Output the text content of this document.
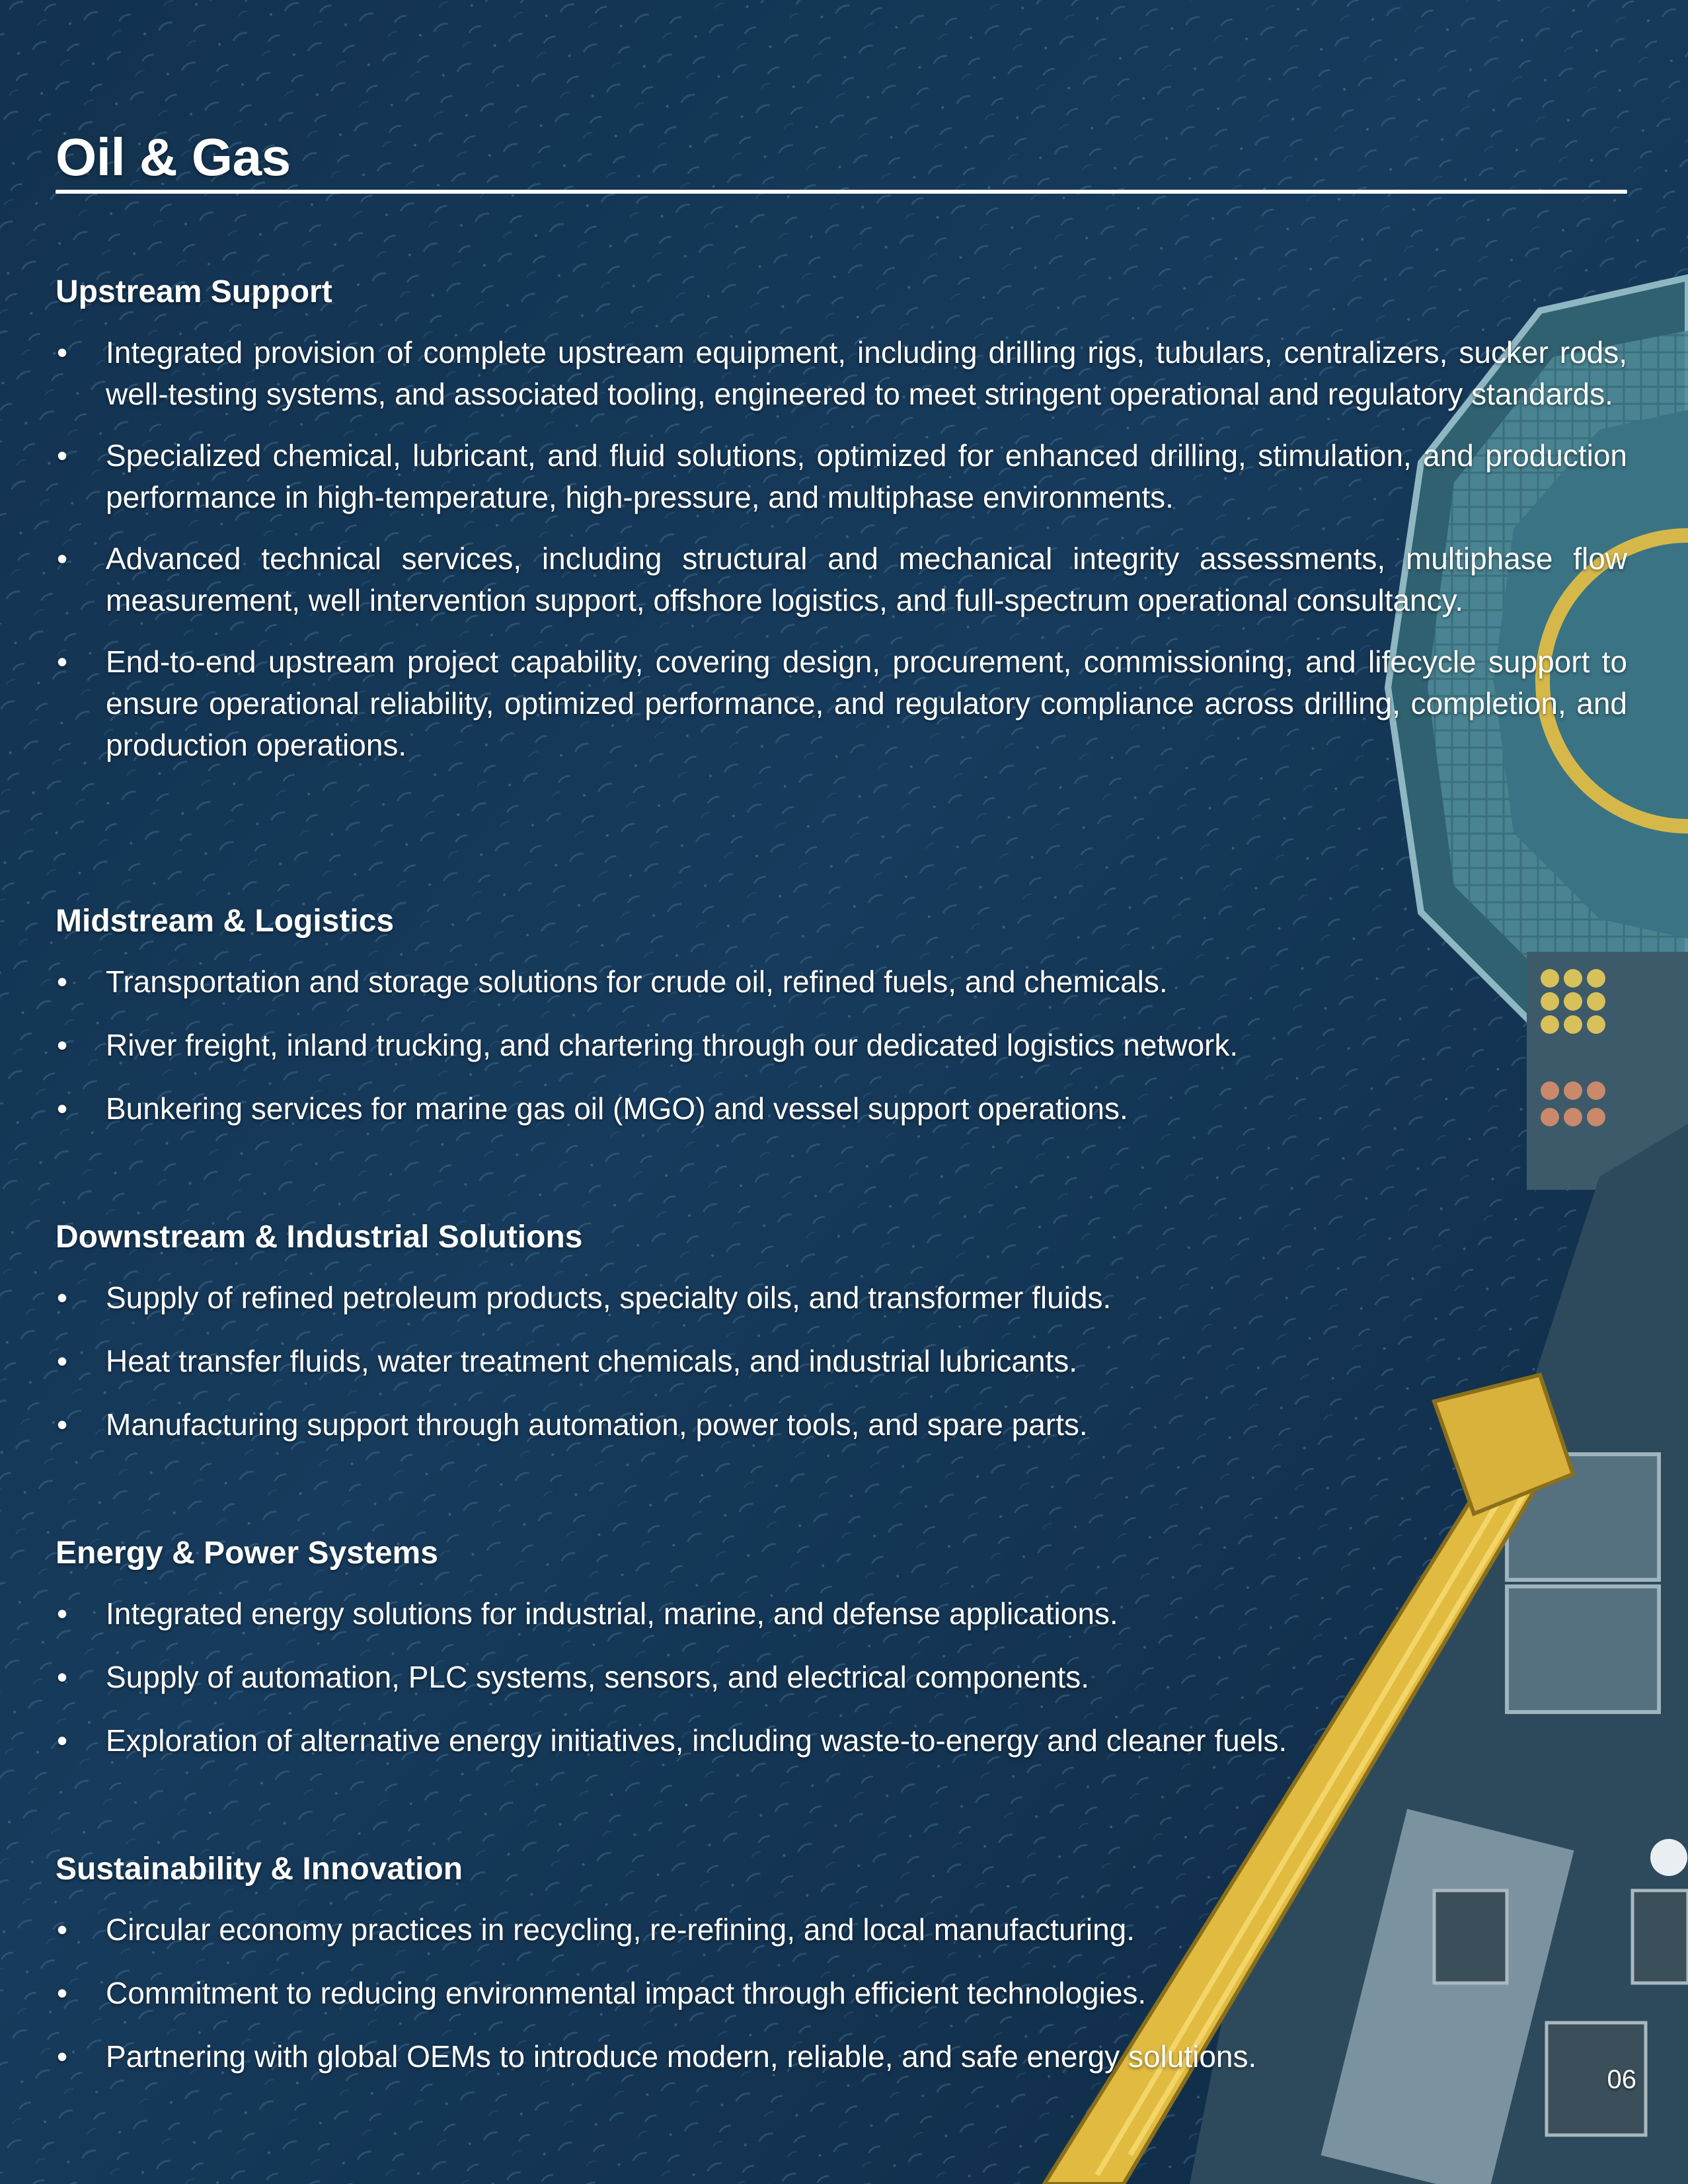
Oil & Gas
Upstream Support
• Integrated provision of complete upstream equipment, including drilling rigs, tubulars, centralizers, sucker rods, well-testing systems, and associated tooling, engineered to meet stringent operational and regulatory standards.
• Specialized chemical, lubricant, and fluid solutions, optimized for enhanced drilling, stimulation, and production performance in high-temperature, high-pressure, and multiphase environments.
• Advanced technical services, including structural and mechanical integrity assessments, multiphase flow measurement, well intervention support, offshore logistics, and full-spectrum operational consultancy.
• End-to-end upstream project capability, covering design, procurement, commissioning, and lifecycle support to ensure operational reliability, optimized performance, and regulatory compliance across drilling, completion, and production operations.
Midstream & Logistics
• Transportation and storage solutions for crude oil, refined fuels, and chemicals.
• River freight, inland trucking, and chartering through our dedicated logistics network.
• Bunkering services for marine gas oil (MGO) and vessel support operations.
Downstream & Industrial Solutions
• Supply of refined petroleum products, specialty oils, and transformer fluids.
• Heat transfer fluids, water treatment chemicals, and industrial lubricants.
• Manufacturing support through automation, power tools, and spare parts.
Energy & Power Systems
• Integrated energy solutions for industrial, marine, and defense applications.
• Supply of automation, PLC systems, sensors, and electrical components.
• Exploration of alternative energy initiatives, including waste-to-energy and cleaner fuels.
Sustainability & Innovation
• Circular economy practices in recycling, re-refining, and local manufacturing.
• Commitment to reducing environmental impact through efficient technologies.
• Partnering with global OEMs to introduce modern, reliable, and safe energy solutions.
06
